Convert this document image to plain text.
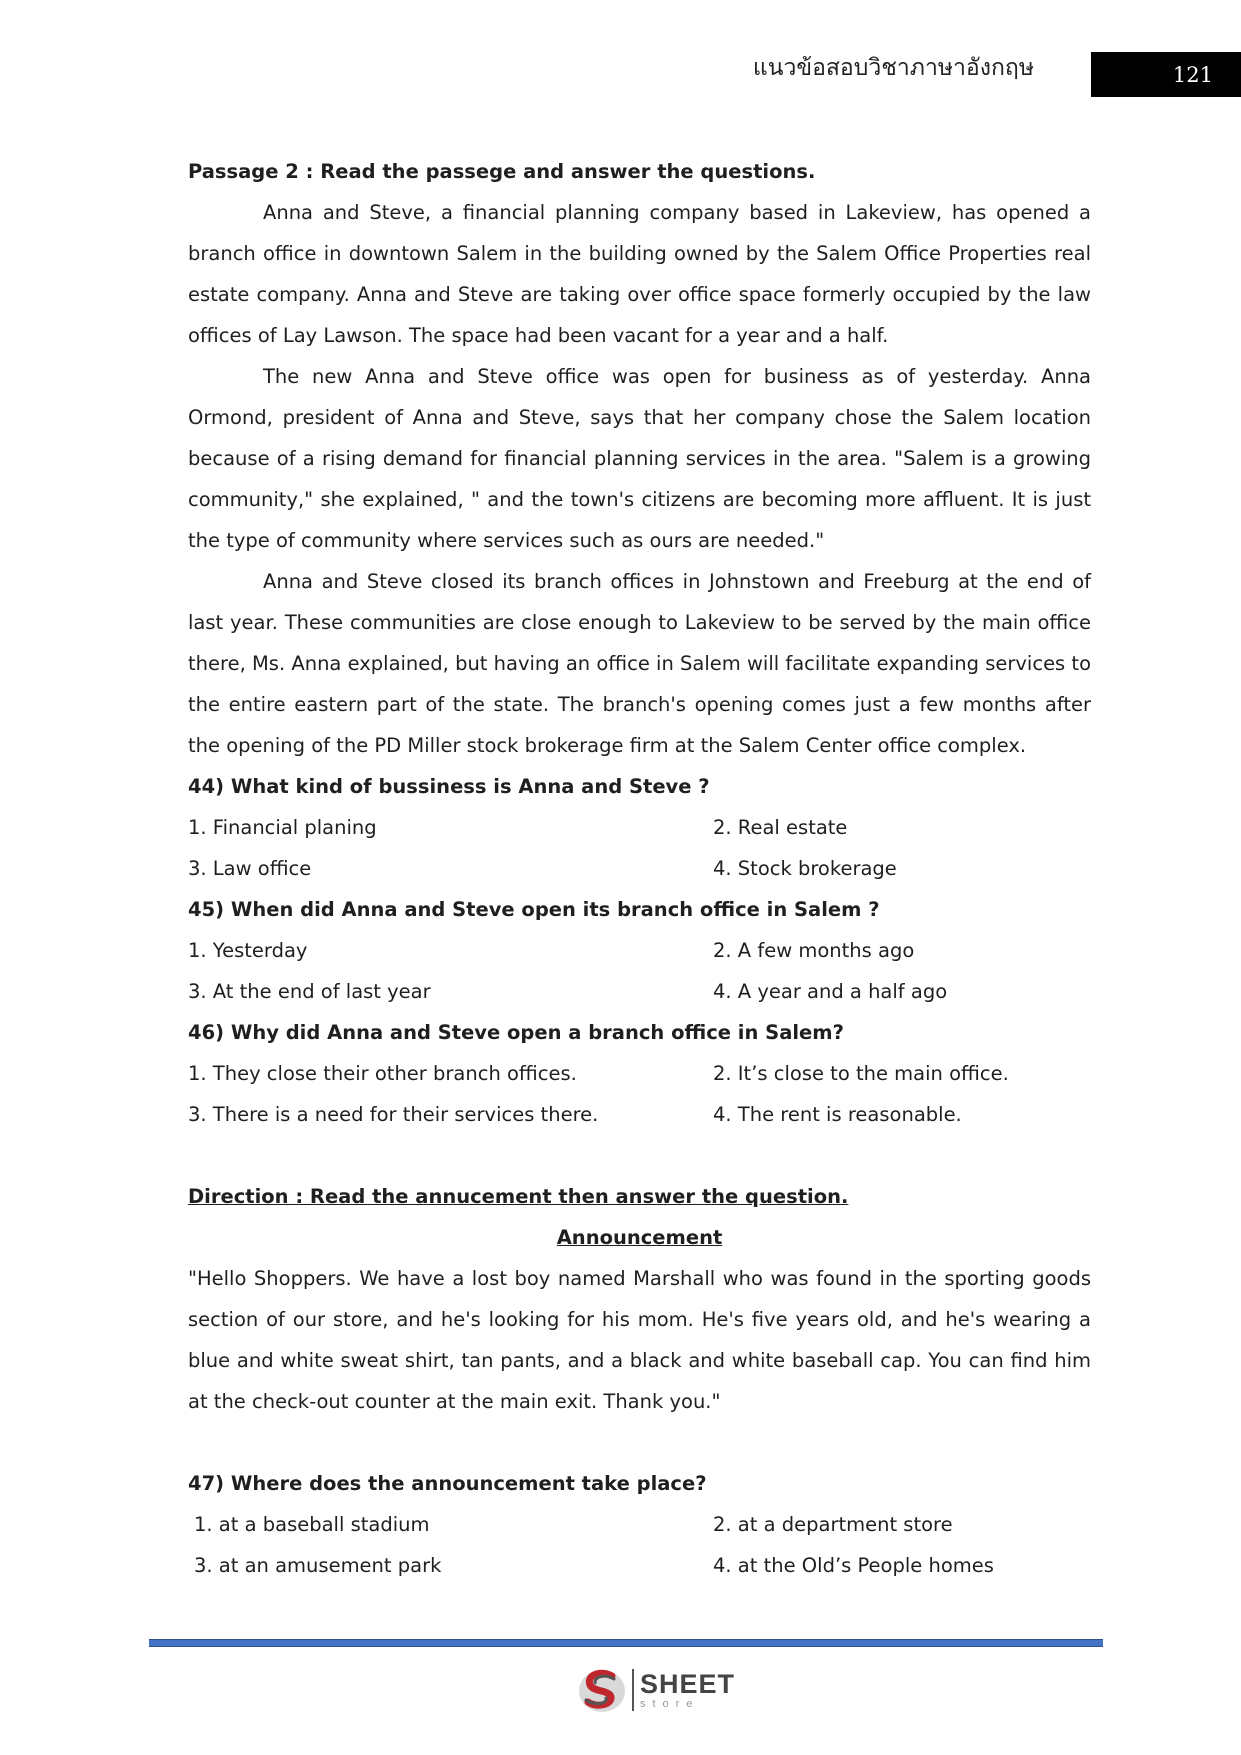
แนวข้อสอบวิชาภาษาอังกฤษ	121

Passage 2 : Read the passege and answer the questions.

Anna and Steve, a financial planning company based in Lakeview, has opened a branch office in downtown Salem in the building owned by the Salem Office Properties real estate company. Anna and Steve are taking over office space formerly occupied by the law offices of Lay Lawson. The space had been vacant for a year and a half.

The new Anna and Steve office was open for business as of yesterday. Anna Ormond, president of Anna and Steve, says that her company chose the Salem location because of a rising demand for financial planning services in the area. "Salem is a growing community," she explained, " and the town's citizens are becoming more affluent. It is just the type of community where services such as ours are needed."

Anna and Steve closed its branch offices in Johnstown and Freeburg at the end of last year. These communities are close enough to Lakeview to be served by the main office there, Ms. Anna explained, but having an office in Salem will facilitate expanding services to the entire eastern part of the state. The branch's opening comes just a few months after the opening of the PD Miller stock brokerage firm at the Salem Center office complex.

44) What kind of bussiness is Anna and Steve ?

1. Financial planing	2. Real estate
3. Law office	4. Stock brokerage

45) When did Anna and Steve open its branch office in Salem ?

1. Yesterday	2. A few months ago
3. At the end of last year	4. A year and a half ago

46) Why did Anna and Steve open a branch office in Salem?

1. They close their other branch offices.	2. It’s close to the main office.
3. There is a need for their services there.	4. The rent is reasonable.

Direction : Read the annucement then answer the question.

Announcement

"Hello Shoppers. We have a lost boy named Marshall who was found in the sporting goods section of our store, and he's looking for his mom. He's five years old, and he's wearing a blue and white sweat shirt, tan pants, and a black and white baseball cap. You can find him at the check-out counter at the main exit. Thank you."

47) Where does the announcement take place?

1. at a baseball stadium	2. at a department store
3. at an amusement park	4. at the Old’s People homes
SHEET
store
